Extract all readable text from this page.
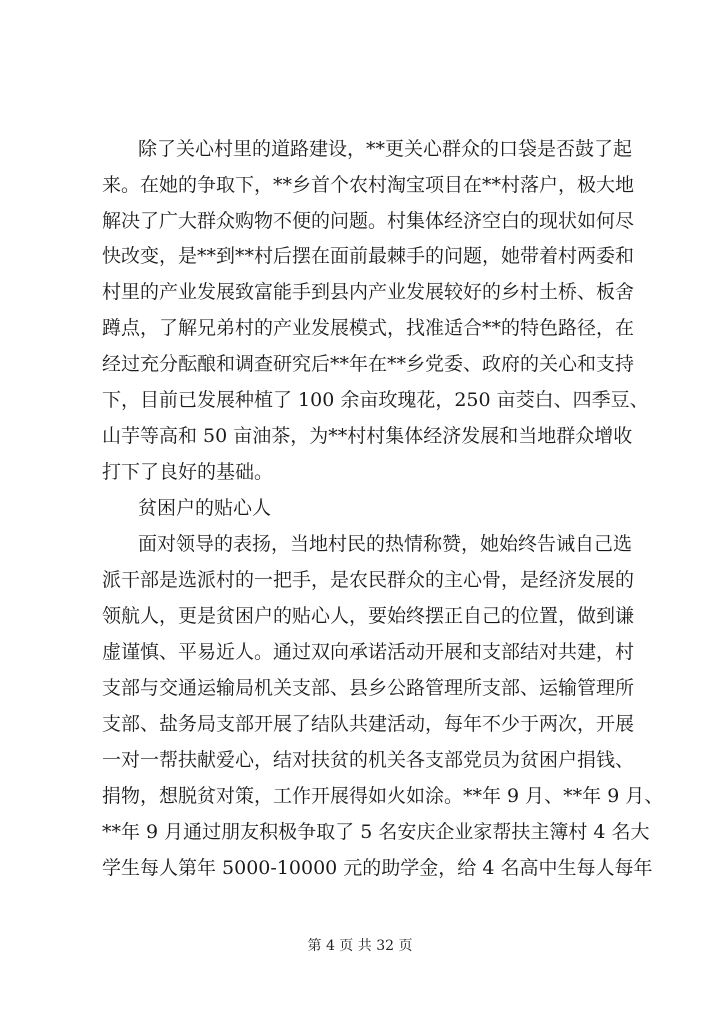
除了关心村里的道路建设，**更关心群众的口袋是否鼓了起
来。在她的争取下，**乡首个农村淘宝项目在**村落户，极大地
解决了广大群众购物不便的问题。村集体经济空白的现状如何尽
快改变，是**到**村后摆在面前最棘手的问题，她带着村两委和
村里的产业发展致富能手到县内产业发展较好的乡村土桥、板舍
蹲点，了解兄弟村的产业发展模式，找准适合**的特色路径，在
经过充分酝酿和调查研究后**年在**乡党委、政府的关心和支持
下，目前已发展种植了 100 余亩玫瑰花，250 亩茭白、四季豆、
山芋等高和 50 亩油茶，为**村村集体经济发展和当地群众增收
打下了良好的基础。
贫困户的贴心人
面对领导的表扬，当地村民的热情称赞，她始终告诫自己选
派干部是选派村的一把手，是农民群众的主心骨，是经济发展的
领航人，更是贫困户的贴心人，要始终摆正自己的位置，做到谦
虚谨慎、平易近人。通过双向承诺活动开展和支部结对共建，村
支部与交通运输局机关支部、县乡公路管理所支部、运输管理所
支部、盐务局支部开展了结队共建活动，每年不少于两次，开展
一对一帮扶献爱心，结对扶贫的机关各支部党员为贫困户捐钱、
捐物，想脱贫对策，工作开展得如火如涂。**年 9 月、**年 9 月、
**年 9 月通过朋友积极争取了 5 名安庆企业家帮扶主簿村 4 名大
学生每人第年 5000-10000 元的助学金，给 4 名高中生每人每年
第 4 页 共 32 页
